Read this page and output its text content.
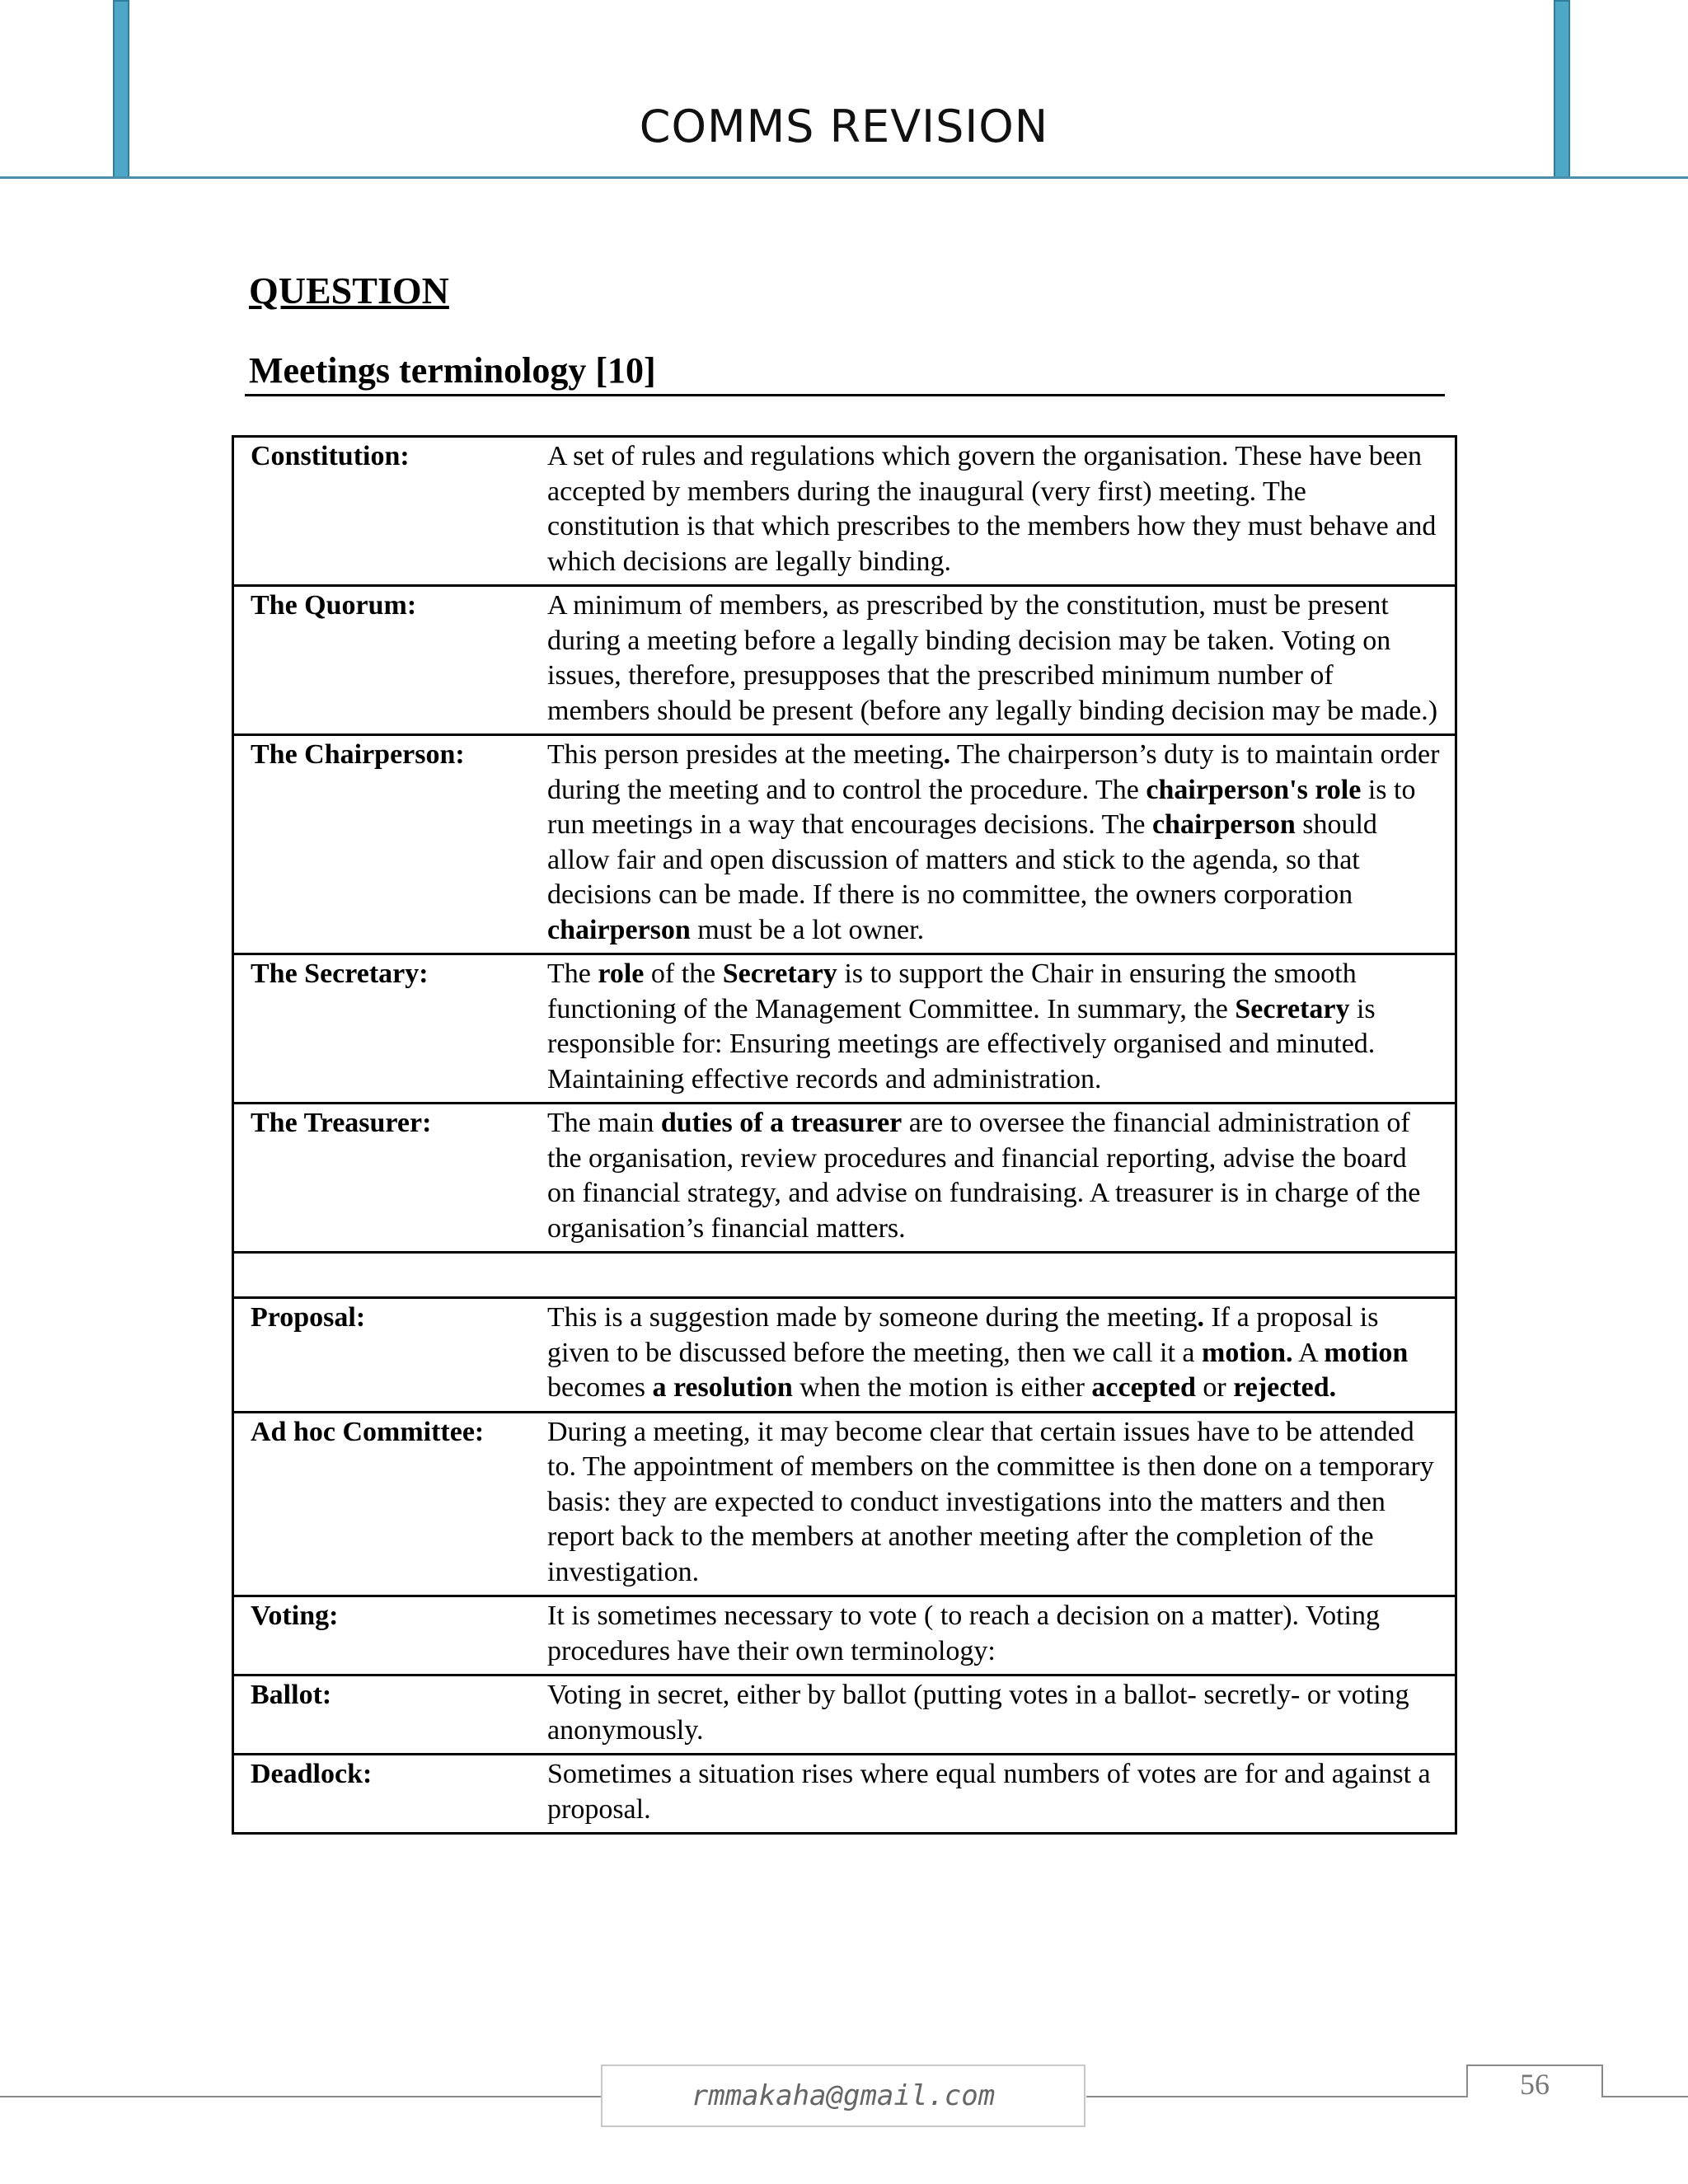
COMMS REVISION
QUESTION
Meetings terminology [10]
Constitution:	A set of rules and regulations which govern the organisation. These have been accepted by members during the inaugural (very first) meeting. The constitution is that which prescribes to the members how they must behave and which decisions are legally binding.
The Quorum:	A minimum of members, as prescribed by the constitution, must be present during a meeting before a legally binding decision may be taken. Voting on issues, therefore, presupposes that the prescribed minimum number of members should be present (before any legally binding decision may be made.)
The Chairperson:	This person presides at the meeting. The chairperson’s duty is to maintain order during the meeting and to control the procedure. The chairperson's role is to run meetings in a way that encourages decisions. The chairperson should allow fair and open discussion of matters and stick to the agenda, so that decisions can be made. If there is no committee, the owners corporation chairperson must be a lot owner.
The Secretary:	The role of the Secretary is to support the Chair in ensuring the smooth functioning of the Management Committee. In summary, the Secretary is responsible for: Ensuring meetings are effectively organised and minuted. Maintaining effective records and administration.
The Treasurer:	The main duties of a treasurer are to oversee the financial administration of the organisation, review procedures and financial reporting, advise the board on financial strategy, and advise on fundraising. A treasurer is in charge of the organisation’s financial matters.

Proposal:	This is a suggestion made by someone during the meeting. If a proposal is given to be discussed before the meeting, then we call it a motion. A motion becomes a resolution when the motion is either accepted or rejected.
Ad hoc Committee:	During a meeting, it may become clear that certain issues have to be attended to. The appointment of members on the committee is then done on a temporary basis: they are expected to conduct investigations into the matters and then report back to the members at another meeting after the completion of the investigation.
Voting:	It is sometimes necessary to vote ( to reach a decision on a matter). Voting procedures have their own terminology:
Ballot:	Voting in secret, either by ballot (putting votes in a ballot- secretly- or voting anonymously.
Deadlock:	Sometimes a situation rises where equal numbers of votes are for and against a proposal.
rmmakaha@gmail.com	56
